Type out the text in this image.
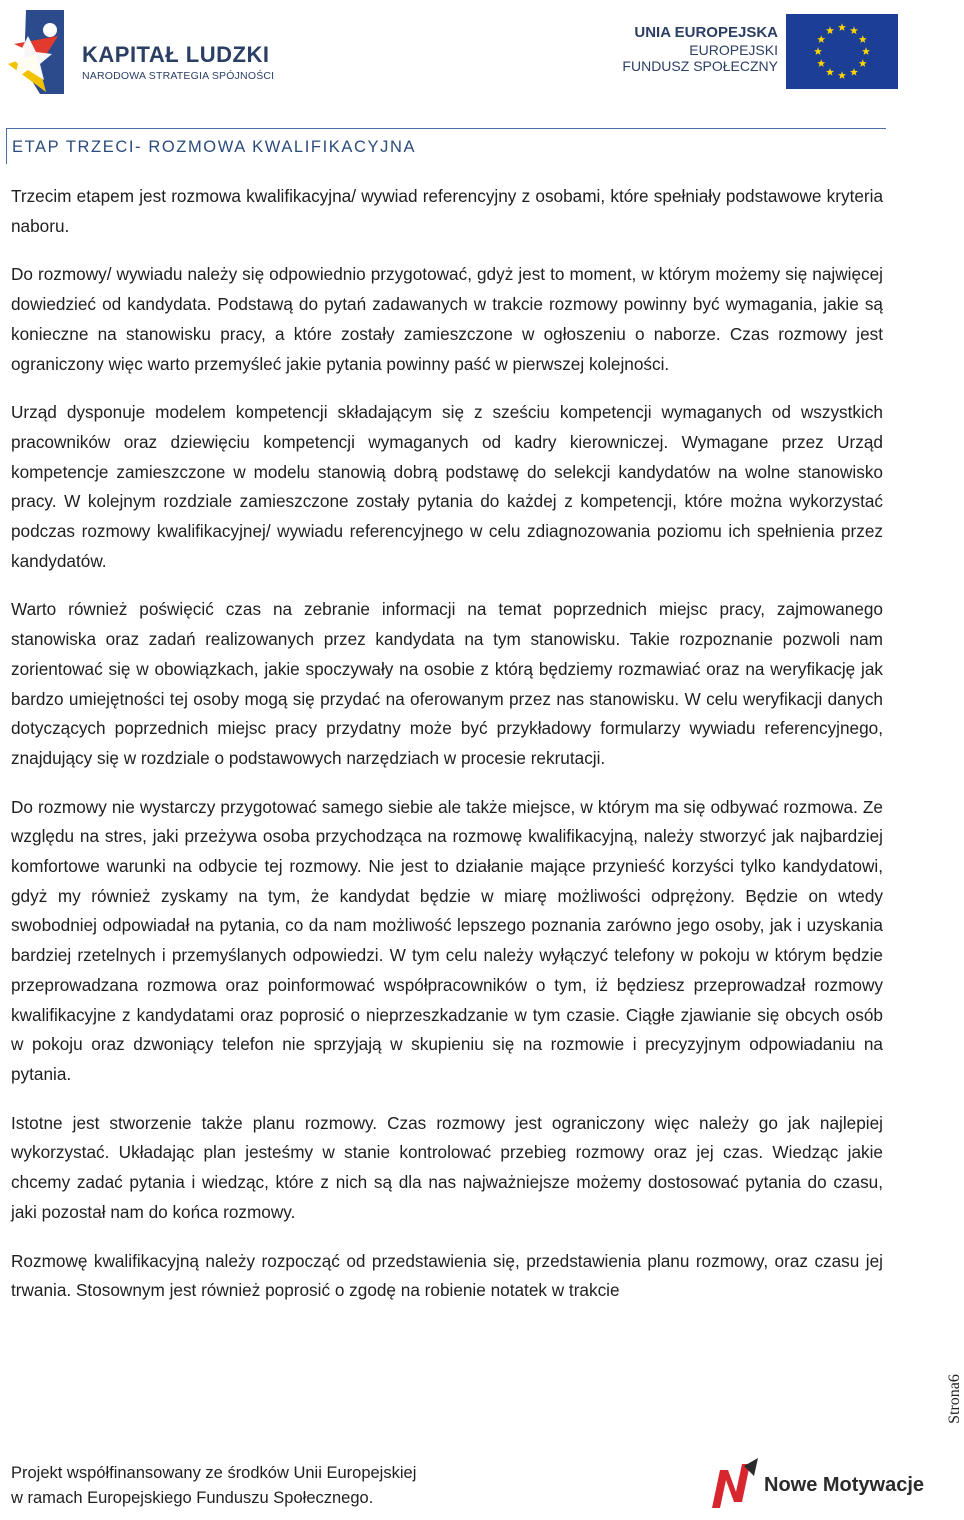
KAPITAŁ LUDZKI
NARODOWA STRATEGIA SPÓJNOŚCI
UNIA EUROPEJSKA
EUROPEJSKI
FUNDUSZ SPOŁECZNY
ETAP TRZECI- ROZMOWA KWALIFIKACYJNA

Trzecim etapem jest rozmowa kwalifikacyjna/ wywiad referencyjny z osobami, które spełniały podstawowe kryteria naboru.

Do rozmowy/ wywiadu należy się odpowiednio przygotować, gdyż jest to moment, w którym możemy się najwięcej dowiedzieć od kandydata. Podstawą do pytań zadawanych w trakcie rozmowy powinny być wymagania, jakie są konieczne na stanowisku pracy, a które zostały zamieszczone w ogłoszeniu o naborze. Czas rozmowy jest ograniczony więc warto przemyśleć jakie pytania powinny paść w pierwszej kolejności.

Urząd dysponuje modelem kompetencji składającym się z sześciu kompetencji wymaganych od wszystkich pracowników oraz dziewięciu kompetencji wymaganych od kadry kierowniczej. Wymagane przez Urząd kompetencje zamieszczone w modelu stanowią dobrą podstawę do selekcji kandydatów na wolne stanowisko pracy. W kolejnym rozdziale zamieszczone zostały pytania do każdej z kompetencji, które można wykorzystać podczas rozmowy kwalifikacyjnej/ wywiadu referencyjnego w celu zdiagnozowania poziomu ich spełnienia przez kandydatów.

Warto również poświęcić czas na zebranie informacji na temat poprzednich miejsc pracy, zajmowanego stanowiska oraz zadań realizowanych przez kandydata na tym stanowisku. Takie rozpoznanie pozwoli nam zorientować się w obowiązkach, jakie spoczywały na osobie z którą będziemy rozmawiać oraz na weryfikację jak bardzo umiejętności tej osoby mogą się przydać na oferowanym przez nas stanowisku. W celu weryfikacji danych dotyczących poprzednich miejsc pracy przydatny może być przykładowy formularzy wywiadu referencyjnego, znajdujący się w rozdziale o podstawowych narzędziach w procesie rekrutacji.

Do rozmowy nie wystarczy przygotować samego siebie ale także miejsce, w którym ma się odbywać rozmowa. Ze względu na stres, jaki przeżywa osoba przychodząca na rozmowę kwalifikacyjną, należy stworzyć jak najbardziej komfortowe warunki na odbycie tej rozmowy. Nie jest to działanie mające przynieść korzyści tylko kandydatowi, gdyż my również zyskamy na tym, że kandydat będzie w miarę możliwości odprężony. Będzie on wtedy swobodniej odpowiadał na pytania, co da nam możliwość lepszego poznania zarówno jego osoby, jak i uzyskania bardziej rzetelnych i przemyślanych odpowiedzi. W tym celu należy wyłączyć telefony w pokoju w którym będzie przeprowadzana rozmowa oraz poinformować współpracowników o tym, iż będziesz przeprowadzał rozmowy kwalifikacyjne z kandydatami oraz poprosić o nieprzeszkadzanie w tym czasie. Ciągłe zjawianie się obcych osób w pokoju oraz dzwoniący telefon nie sprzyjają w skupieniu się na rozmowie i precyzyjnym odpowiadaniu na pytania.

Istotne jest stworzenie także planu rozmowy. Czas rozmowy jest ograniczony więc należy go jak najlepiej wykorzystać. Układając plan jesteśmy w stanie kontrolować przebieg rozmowy oraz jej czas. Wiedząc jakie chcemy zadać pytania i wiedząc, które z nich są dla nas najważniejsze możemy dostosować pytania do czasu, jaki pozostał nam do końca rozmowy.

Rozmowę kwalifikacyjną należy rozpocząć od przedstawienia się, przedstawienia planu rozmowy, oraz czasu jej trwania. Stosownym jest również poprosić o zgodę na robienie notatek w trakcie

Strona6
Projekt współfinansowany ze środków Unii Europejskiej
w ramach Europejskiego Funduszu Społecznego.
Nowe Motywacje
